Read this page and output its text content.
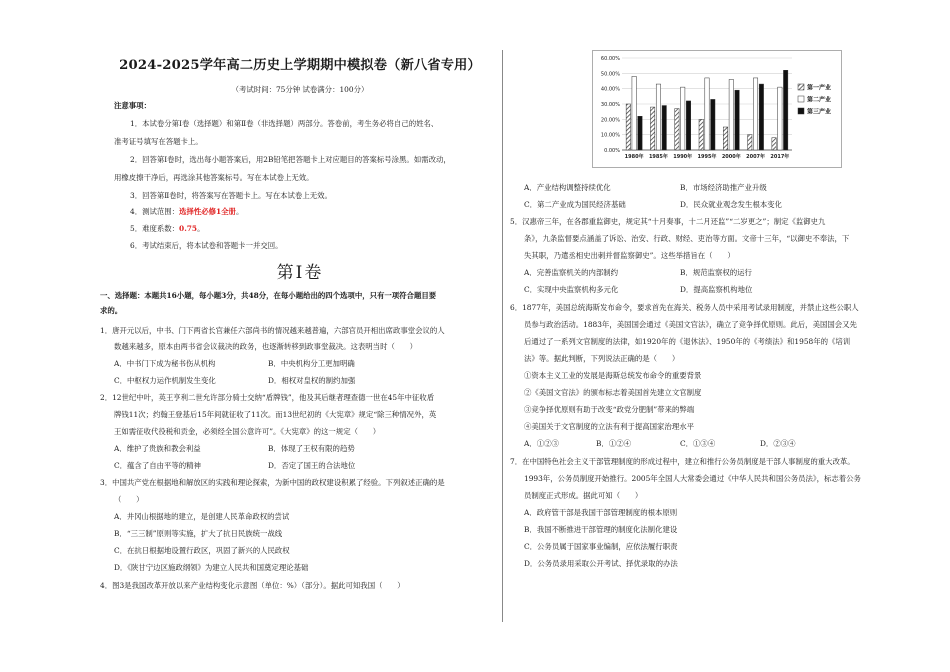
2024-2025学年高二历史上学期期中模拟卷（新八省专用）
（考试时间：75分钟 试卷满分：100分）
注意事项：
1．本试卷分第Ⅰ卷（选择题）和第Ⅱ卷（非选择题）两部分。答卷前，考生务必将自己的姓名、
准考证号填写在答题卡上。
2．回答第Ⅰ卷时，选出每小题答案后，用2B铅笔把答题卡上对应题目的答案标号涂黑。如需改动，
用橡皮擦干净后，再选涂其他答案标号。写在本试卷上无效。
3．回答第Ⅱ卷时，将答案写在答题卡上。写在本试卷上无效。
4．测试范围：选择性必修1全册。
5．难度系数：0.75。
6．考试结束后，将本试卷和答题卡一并交回。
第Ⅰ卷
一、选择题：本题共16小题，每小题3分，共48分，在每小题给出的四个选项中，只有一项符合题目要
求的。
1．唐开元以后，中书、门下两省长官兼任六部尚书的情况越来越普遍，六部官员开相出席政事堂会议的人
数越来越多，原本由两书省会议裁决的政务，也逐渐转移到政事堂裁决。这表明当时（　　）
A．中书门下成为秘书伤从机构	B．中央机构分工更加明确
C．中枢权力运作机制发生变化	D．相权对皇权的制约加强
2．12世纪中叶，英王亨利二世允许部分骑士交纳“盾牌钱”，他及其后继者理查德一世在45年中征收盾
牌钱11次；约翰王登基后15年间就征收了11次。而13世纪初的《大宪章》规定“除三种情况外，英
王如需征收代役税和贡金，必须经全国公意许可”。《大宪章》的这一规定（　　）
A．维护了贵族和教会利益	B．体现了王权有限的趋势
C．蕴含了自由平等的精神	D．否定了国王的合法地位
3．中国共产党在根据地和解放区的实践和理论探索，为新中国的政权建设积累了经验。下列叙述正确的是
（　　）
A．井冈山根据地的建立，是创建人民革命政权的尝试
B．“三三制”原则等实施，扩大了抗日民族统一战线
C．在抗日根据地设置行政区，巩固了新兴的人民政权
D．《陕甘宁边区施政纲领》为建立人民共和国奠定理论基础
4．图3是我国改革开放以来产业结构变化示意图（单位：%）（部分）。据此可知我国（　　）
0.00%
10.00%
20.00%
30.00%
40.00%
50.00%
60.00%
1980年 1985年 1990年 1995年 2000年 2007年 2017年
第一产业
第二产业
第三产业
A．产业结构调整持续优化	B．市场经济助推产业升级
C．第二产业成为国民经济基础	D．民众就业观念发生根本变化
5．汉惠帝三年，在各郡重监御史，规定其“十月奏事，十二月还监”“二岁更之”；制定《监御史九
条》，九条监督要点涵盖了诉讼、治安、行政、财经、吏治等方面。文帝十三年，“以御史不奉法，下
失其职，乃遣丞相史出刺并督监察御史”。这些举措旨在（　　）
A．完善监察机关的内部制约	B．规范监察权的运行
C．实现中央监察机构多元化	D．提高监察机构地位
6．1877年，美国总统海斯发布命令，要求首先在海关、税务人员中采用考试录用制度，并禁止这些公职人
员参与政治活动。1883年，美国国会通过《美国文官法》，确立了竞争择优原则。此后，美国国会又先
后通过了一系列文官制度的法律，如1920年的《退休法》、1950年的《考绩法》和1958年的《培训
法》等。据此判断，下列说法正确的是（　　）
①资本主义工业的发展是海斯总统发布命令的重要背景
②《美国文官法》的颁布标志着美国首先建立文官制度
③竞争择优原则有助于改变“政党分肥制”带来的弊端
④美国关于文官制度的立法有利于提高国家治理水平
A．①②③	B．①②④	C．①③④	D．②③④
7．在中国特色社会主义干部管理制度的形成过程中，建立和推行公务员制度是干部人事制度的重大改革。
1993年，公务员制度开始推行。2005年全国人大常委会通过《中华人民共和国公务员法》，标志着公务
员制度正式形成。据此可知（　　）
A．政府管干部是我国干部管理制度的根本原则
B．我国不断推进干部管理的制度化法制化建设
C．公务员属于国家事业编制，应依法履行职责
D．公务员录用采取公开考试、择优录取的办法
